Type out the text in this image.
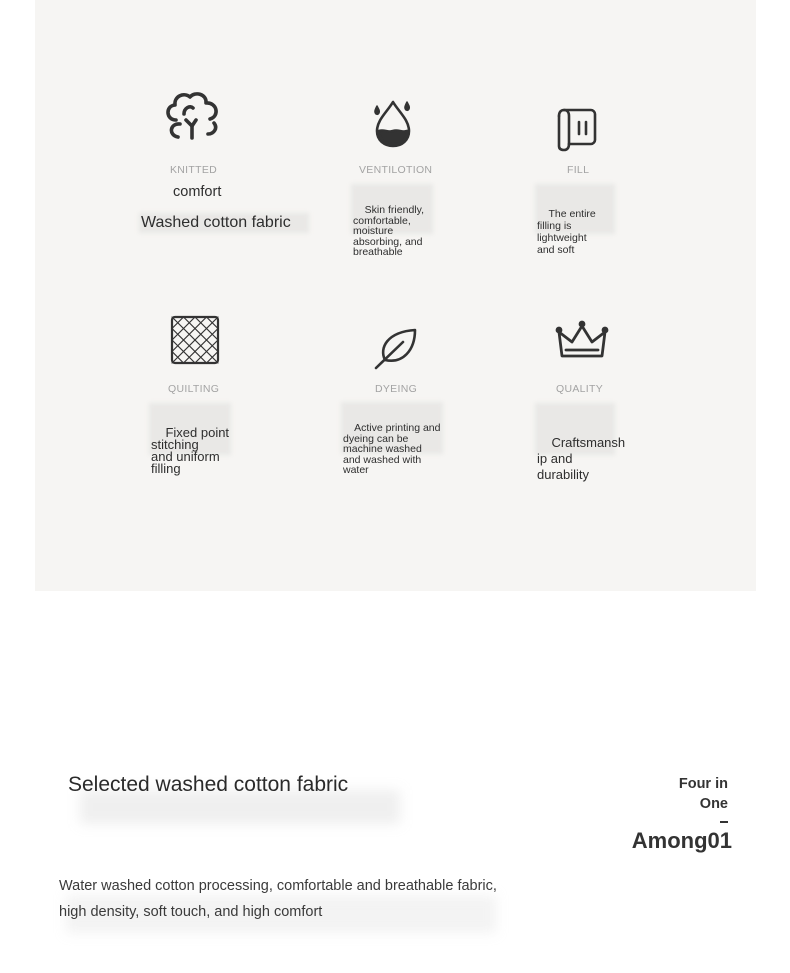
KNITTED
comfort
Washed cotton fabric
VENTILOTION

Skin friendly,
comfortable,
moisture
absorbing, and
breathable

FILL

The entire
filling is
lightweight
and soft

QUILTING

Fixed point
stitching
and uniform
filling

DYEING

Active printing and
dyeing can be
machine washed
and washed with
water

QUALITY

Craftsmansh
ip and
durability

Selected washed cotton fabric	Four in
One
Among01
Water washed cotton processing, comfortable and breathable fabric, high density, soft touch, and high comfort
